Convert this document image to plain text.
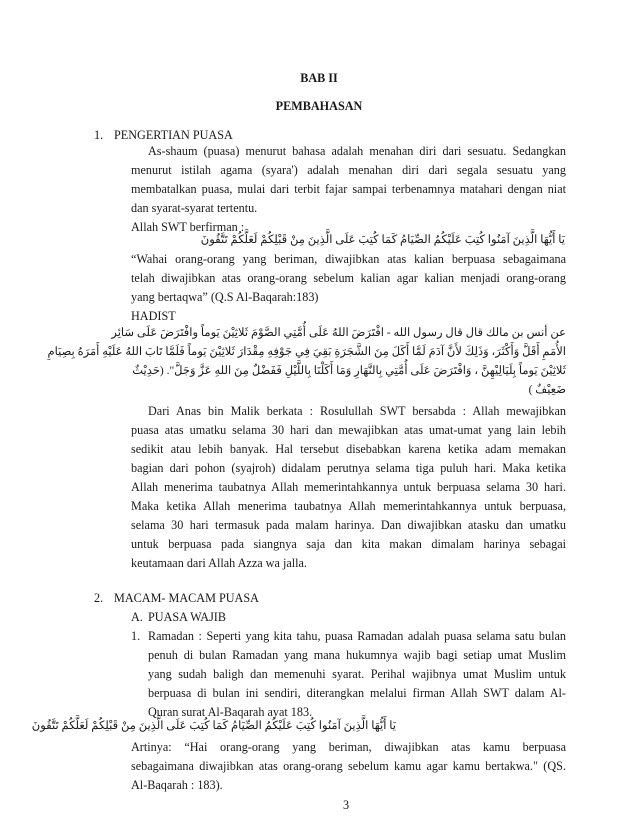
BAB II
PEMBAHASAN
1. PENGERTIAN PUASA
As-shaum (puasa) menurut bahasa adalah menahan diri dari sesuatu. Sedangkan
menurut istilah agama (syara') adalah menahan diri dari segala sesuatu yang
membatalkan puasa, mulai dari terbit fajar sampai terbenamnya matahari dengan niat
dan syarat-syarat tertentu.
Allah SWT berfirman :
يَا أَيُّهَا الَّذِينَ آمَنُوا كُتِبَ عَلَيْكُمُ الصِّيَامُ كَمَا كُتِبَ عَلَى الَّذِينَ مِنْ قَبْلِكُمْ لَعَلَّكُمْ تَتَّقُونَ
“Wahai orang-orang yang beriman, diwajibkan atas kalian berpuasa sebagaimana
telah diwajibkan atas orang-orang sebelum kalian agar kalian menjadi orang-orang
yang bertaqwa” (Q.S Al-Baqarah:183)
HADIST
عن أنس بن مالك قال قال رسول الله - افْتَرَضَ اللهُ عَلَى أُمَّتِي الصَّوْمَ ثَلاثِيْنَ يَوماً وافْتَرَضَ عَلَى سَائِر
الأُمَمِ أَقَلَّ وَأَكْثَرَ، وَذَلِكَ لأَنَّ آدَمَ لَمَّا أَكَلَ مِنَ الشَّجَرَةِ بَقِيَ فِي جَوْفِهِ مِقْدَارَ ثَلاثِيْنَ يَوماً فَلَمَّا تَابَ اللهُ عَلَيْهِ أَمَرَهُ بِصِيَامِ
ثَلاثِيْنَ يَوماً بِلَيَالِيْهِنَّ ، وَافْتَرَضَ عَلَى أُمَّتِي بِالنَّهَارِ وَمَا أَكَلْنَا بِاللَّيْلِ فَفَضْلٌ مِنَ اللهِ عَزَّ وَجَلَّ". (حَدِيْثٌ
ضَعِيْفٌ )
Dari Anas bin Malik berkata : Rosulullah SWT bersabda : Allah mewajibkan
puasa atas umatku selama 30 hari dan mewajibkan atas umat-umat yang lain lebih
sedikit atau lebih banyak. Hal tersebut disebabkan karena ketika adam memakan
bagian dari pohon (syajroh) didalam perutnya selama tiga puluh hari. Maka ketika
Allah menerima taubatnya Allah memerintahkannya untuk berpuasa selama 30 hari.
Maka ketika Allah menerima taubatnya Allah memerintahkannya untuk berpuasa,
selama 30 hari termasuk pada malam harinya. Dan diwajibkan atasku dan umatku
untuk berpuasa pada siangnya saja dan kita makan dimalam harinya sebagai
keutamaan dari Allah Azza wa jalla.
2. MACAM- MACAM PUASA
A. PUASA WAJIB
1. Ramadan : Seperti yang kita tahu, puasa Ramadan adalah puasa selama satu bulan
penuh di bulan Ramadan yang mana hukumnya wajib bagi setiap umat Muslim
yang sudah baligh dan memenuhi syarat. Perihal wajibnya umat Muslim untuk
berpuasa di bulan ini sendiri, diterangkan melalui firman Allah SWT dalam Al-
Quran surat Al-Baqarah ayat 183.
يَا أَيُّهَا الَّذِينَ آمَنُوا كُتِبَ عَلَيْكُمُ الصِّيَامُ كَمَا كُتِبَ عَلَى الَّذِينَ مِنْ قَبْلِكُمْ لَعَلَّكُمْ تَتَّقُونَ
Artinya: “Hai orang-orang yang beriman, diwajibkan atas kamu berpuasa
sebagaimana diwajibkan atas orang-orang sebelum kamu agar kamu bertakwa." (QS.
Al-Baqarah : 183).
3
